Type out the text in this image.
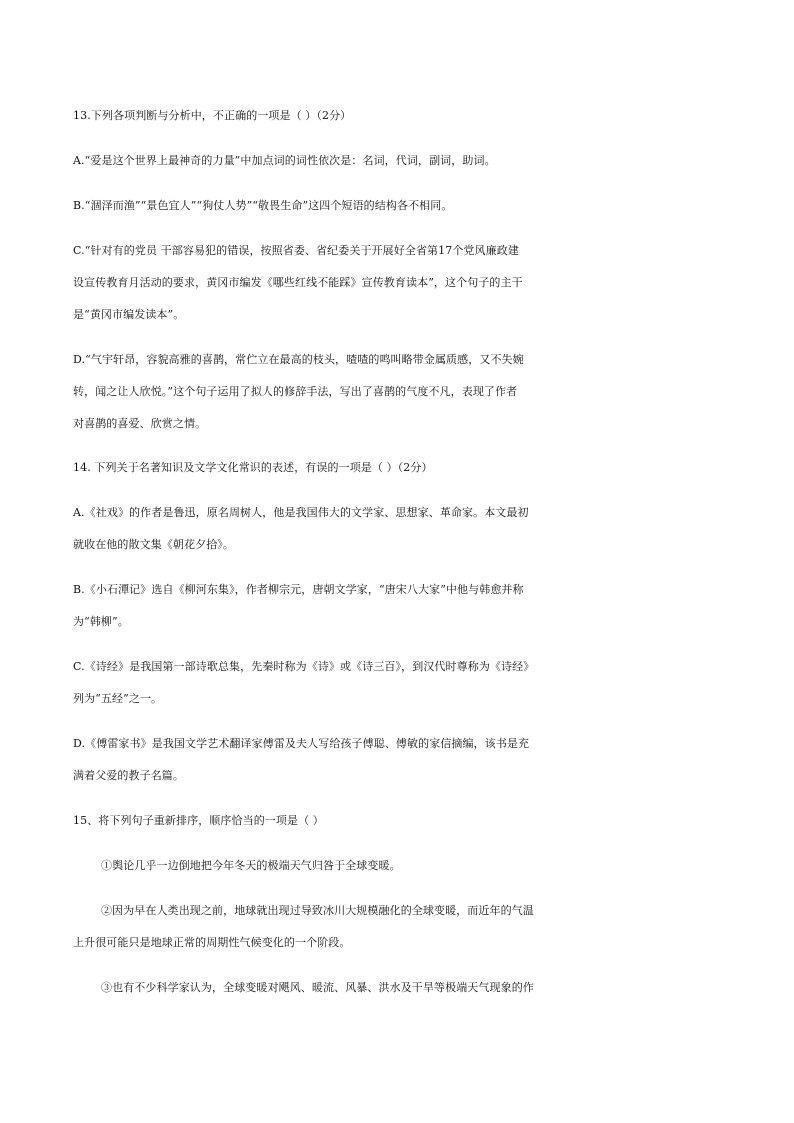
13.下列各项判断与分析中，不正确的一项是（ ）（2分）
A.“爱是这个世界上最神奇的力量”中加点词的词性依次是：名词，代词，副词，助词。
B.“涸泽而渔”“景色宜人”“狗仗人势”“敬畏生命”这四个短语的结构各不相同。
C.“针对有的党员 干部容易犯的错误，按照省委、省纪委关于开展好全省第17个党风廉政建
设宣传教育月活动的要求，黄冈市编发《哪些红线不能踩》宣传教育读本”，这个句子的主干
是“黄冈市编发读本”。
D.“气宇轩昂，容貌高雅的喜鹊，常伫立在最高的枝头，喳喳的鸣叫略带金属质感，又不失婉
转，闻之让人欣悦。”这个句子运用了拟人的修辞手法，写出了喜鹊的气度不凡，表现了作者
对喜鹊的喜爱、欣赏之情。
14. 下列关于名著知识及文学文化常识的表述，有误的一项是（ ）（2分）
A.《社戏》的作者是鲁迅，原名周树人，他是我国伟大的文学家、思想家、革命家。本文最初
就收在他的散文集《朝花夕拾》。
B.《小石潭记》选自《柳河东集》，作者柳宗元，唐朝文学家，“唐宋八大家”中他与韩愈并称
为“韩柳”。
C.《诗经》是我国第一部诗歌总集，先秦时称为《诗》或《诗三百》，到汉代时尊称为《诗经》
列为“五经”之一。
D.《傅雷家书》是我国文学艺术翻译家傅雷及夫人写给孩子傅聪、傅敏的家信摘编，该书是充
满着父爱的教子名篇。
15、将下列句子重新排序，顺序恰当的一项是（ ）
①舆论几乎一边倒地把今年冬天的极端天气归咎于全球变暖。
②因为早在人类出现之前，地球就出现过导致冰川大规模融化的全球变暖，而近年的气温
上升很可能只是地球正常的周期性气候变化的一个阶段。
③也有不少科学家认为，全球变暖对飓风、暖流、风暴、洪水及干旱等极端天气现象的作
